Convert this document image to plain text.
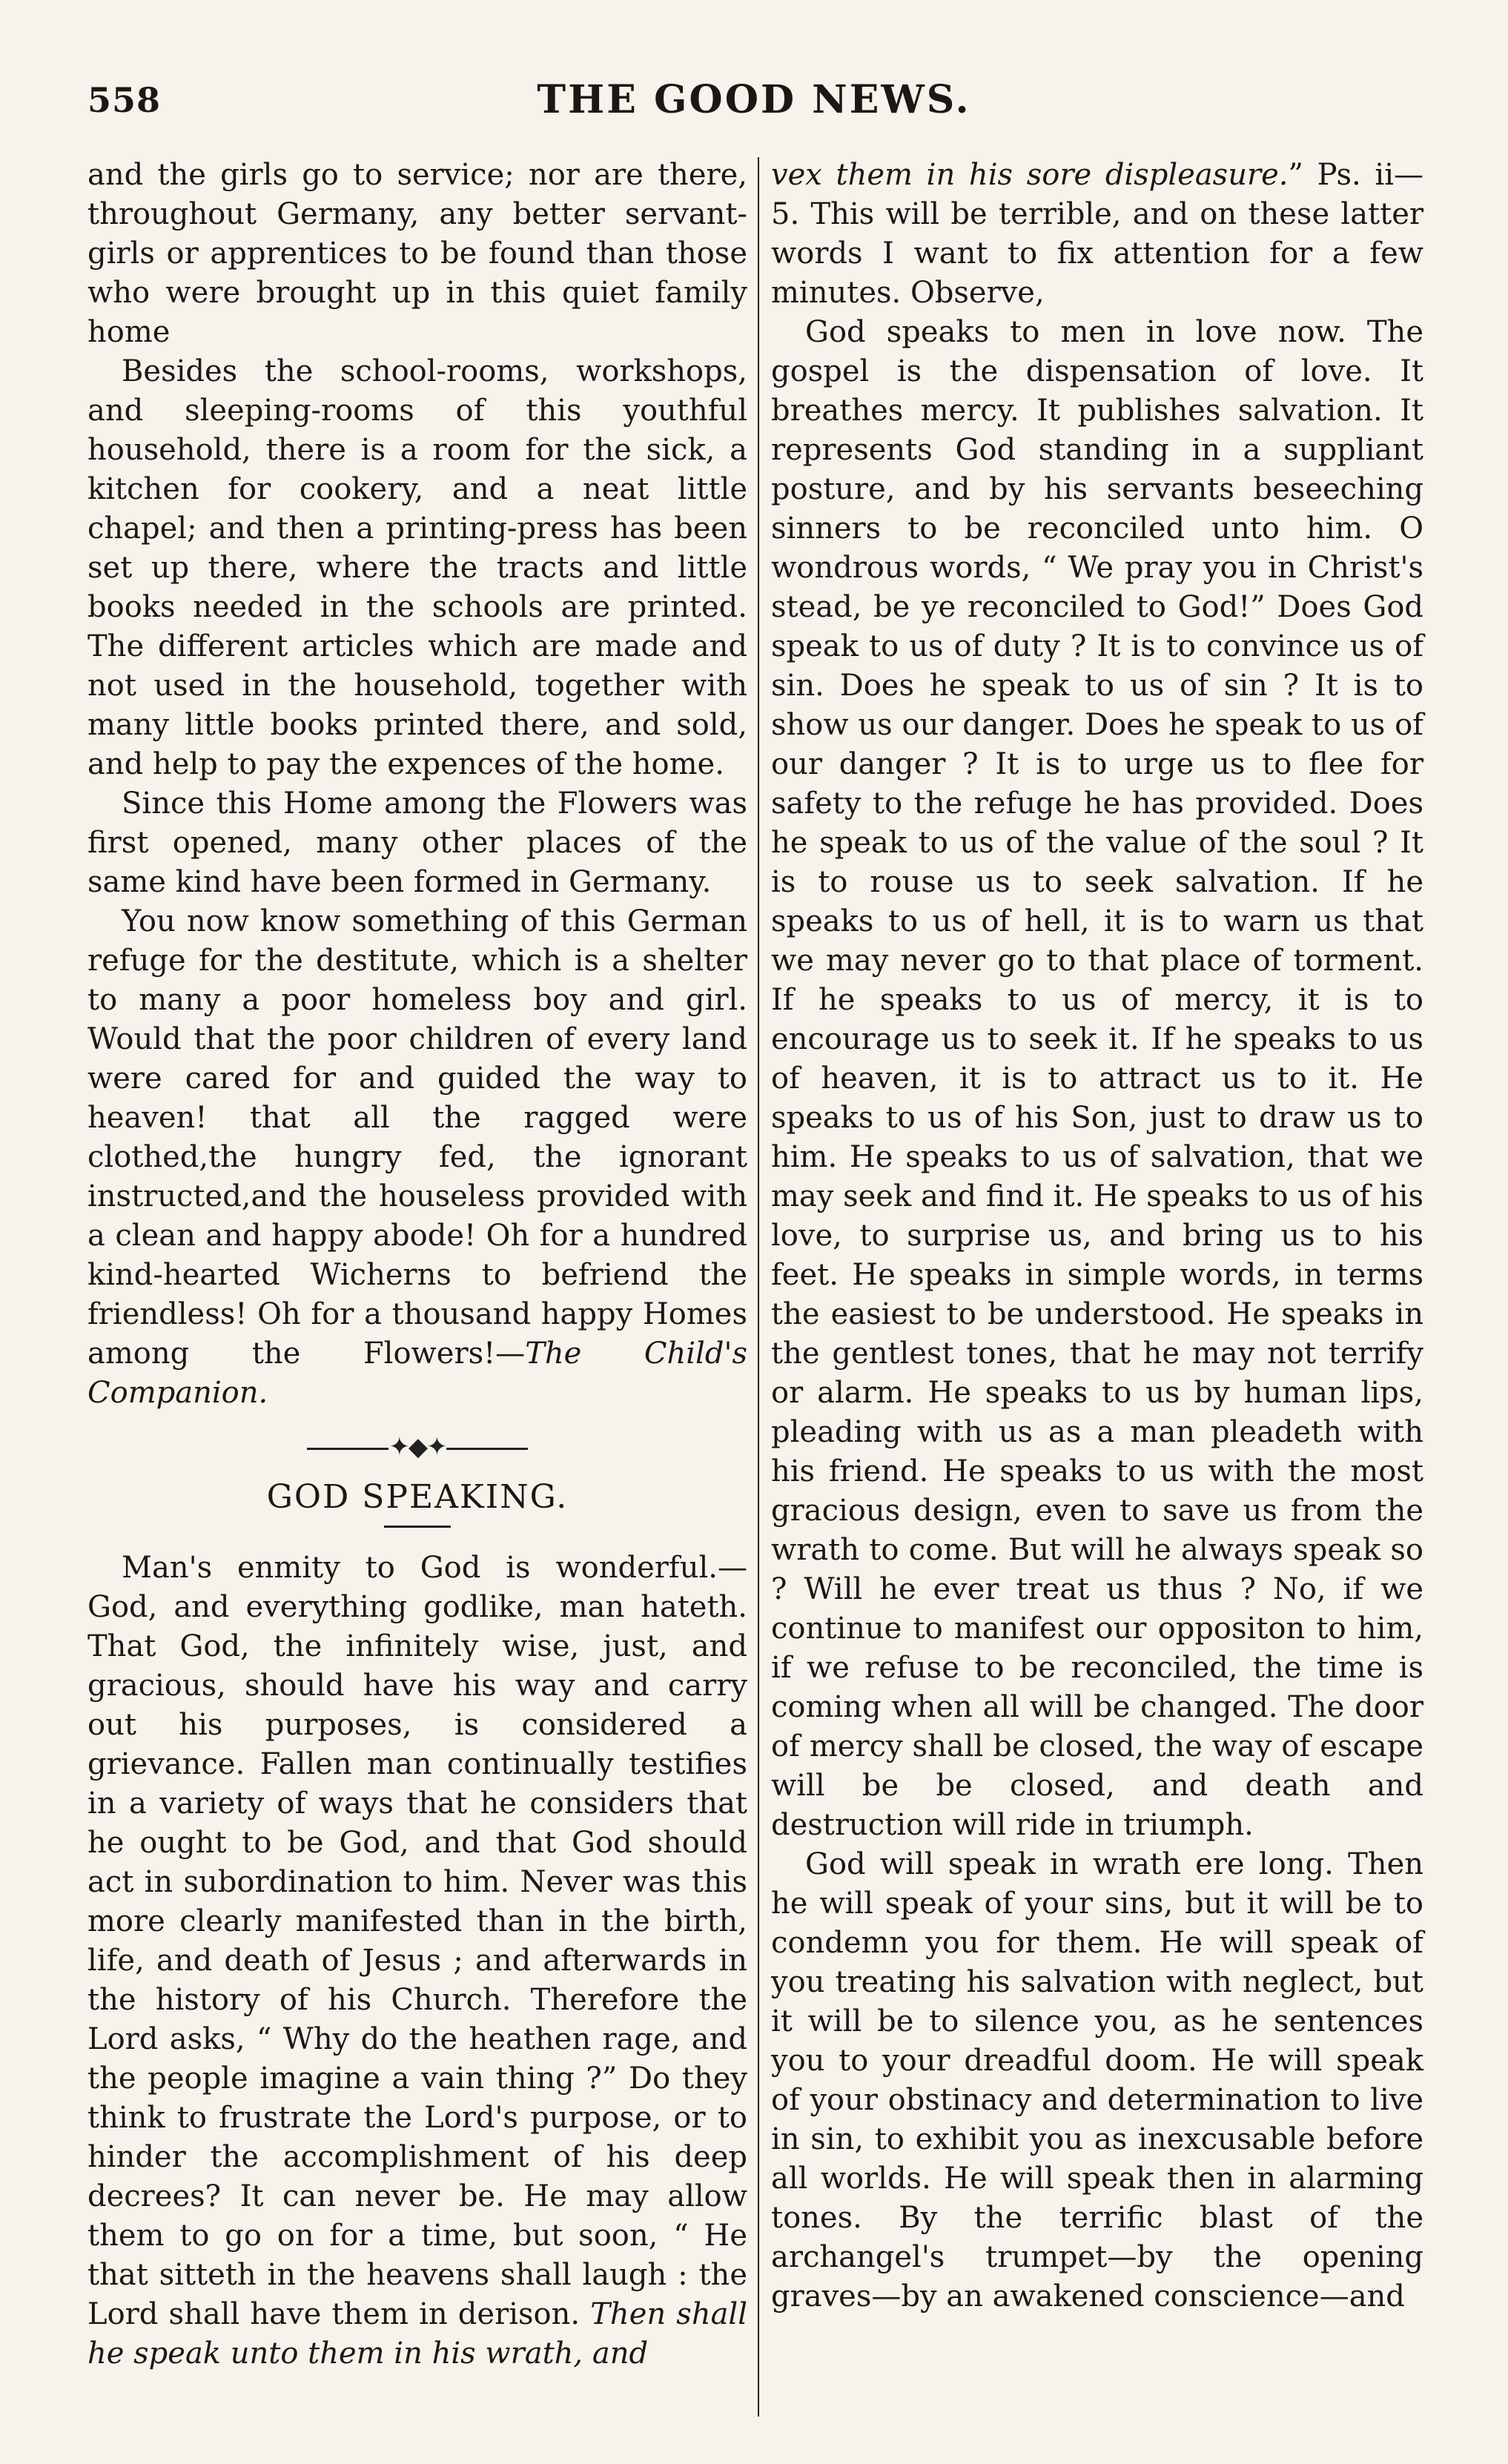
558	THE GOOD NEWS.

and the girls go to service; nor are there, throughout Germany, any better servant-girls or apprentices to be found than those who were brought up in this quiet family home

Besides the school-rooms, workshops, and sleeping-rooms of this youthful household, there is a room for the sick, a kitchen for cookery, and a neat little chapel; and then a printing-press has been set up there, where the tracts and little books needed in the schools are printed. The different articles which are made and not used in the household, together with many little books printed there, and sold, and help to pay the expences of the home.

Since this Home among the Flowers was first opened, many other places of the same kind have been formed in Germany.

You now know something of this German refuge for the destitute, which is a shelter to many a poor homeless boy and girl. Would that the poor children of every land were cared for and guided the way to heaven! that all the ragged were clothed,the hungry fed, the ignorant instructed,and the houseless provided with a clean and happy abode! Oh for a hundred kind-hearted Wicherns to befriend the friendless! Oh for a thousand happy Homes among the Flowers!—The Child's Companion.

✦◆✦
GOD SPEAKING.

Man's enmity to God is wonderful.— God, and everything godlike, man hateth. That God, the infinitely wise, just, and gracious, should have his way and carry out his purposes, is considered a grievance. Fallen man continually testifies in a variety of ways that he considers that he ought to be God, and that God should act in subordination to him. Never was this more clearly manifested than in the birth, life, and death of Jesus ; and afterwards in the history of his Church. Therefore the Lord asks, “ Why do the heathen rage, and the people imagine a vain thing ?” Do they think to frustrate the Lord's purpose, or to hinder the accomplishment of his deep decrees? It can never be. He may allow them to go on for a time, but soon, “ He that sitteth in the heavens shall laugh : the Lord shall have them in derison. Then shall he speak unto them in his wrath, and

vex them in his sore displeasure.” Ps. ii— 5. This will be terrible, and on these latter words I want to fix attention for a few minutes. Observe,

God speaks to men in love now. The gospel is the dispensation of love. It breathes mercy. It publishes salvation. It represents God standing in a suppliant posture, and by his servants beseeching sinners to be reconciled unto him. O wondrous words, “ We pray you in Christ's stead, be ye reconciled to God!” Does God speak to us of duty ? It is to convince us of sin. Does he speak to us of sin ? It is to show us our danger. Does he speak to us of our danger ? It is to urge us to flee for safety to the refuge he has provided. Does he speak to us of the value of the soul ? It is to rouse us to seek salvation. If he speaks to us of hell, it is to warn us that we may never go to that place of torment. If he speaks to us of mercy, it is to encourage us to seek it. If he speaks to us of heaven, it is to attract us to it. He speaks to us of his Son, just to draw us to him. He speaks to us of salvation, that we may seek and find it. He speaks to us of his love, to surprise us, and bring us to his feet. He speaks in simple words, in terms the easiest to be understood. He speaks in the gentlest tones, that he may not terrify or alarm. He speaks to us by human lips, pleading with us as a man pleadeth with his friend. He speaks to us with the most gracious design, even to save us from the wrath to come. But will he always speak so ? Will he ever treat us thus ? No, if we continue to manifest our oppositon to him, if we refuse to be reconciled, the time is coming when all will be changed. The door of mercy shall be closed, the way of escape will be be closed, and death and destruction will ride in triumph.

God will speak in wrath ere long. Then he will speak of your sins, but it will be to condemn you for them. He will speak of you treating his salvation with neglect, but it will be to silence you, as he sentences you to your dreadful doom. He will speak of your obstinacy and determination to live in sin, to exhibit you as inexcusable before all worlds. He will speak then in alarming tones. By the terrific blast of the archangel's trumpet—by the opening graves—by an awakened conscience—and
